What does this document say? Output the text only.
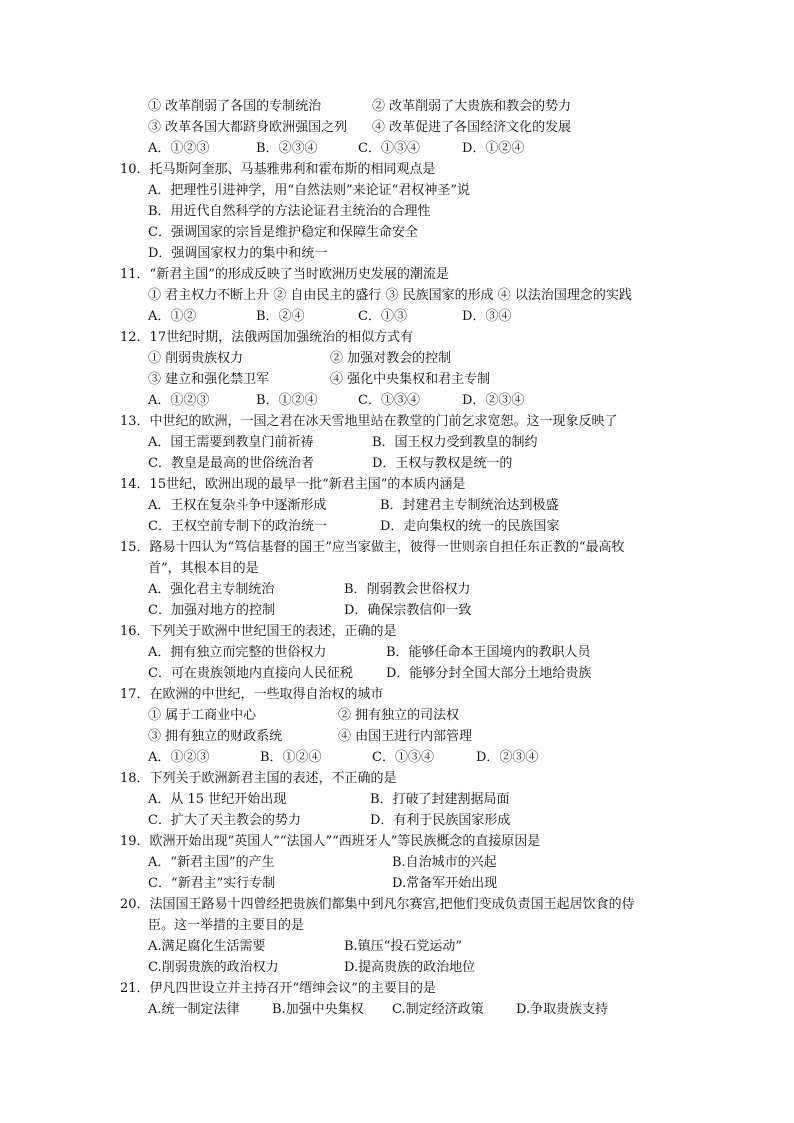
① 改革削弱了各国的专制统治	② 改革削弱了大贵族和教会的势力
③ 改革各国大都跻身欧洲强国之列 ④ 改革促进了各国经济文化的发展
A．①②③	B．②③④	C．①③④	D．①②④
10．托马斯阿奎那、马基雅弗利和霍布斯的相同观点是
A．把理性引进神学，用“自然法则”来论证“君权神圣”说
B．用近代自然科学的方法论证君主统治的合理性
C．强调国家的宗旨是维护稳定和保障生命安全
D．强调国家权力的集中和统一
11．“新君主国”的形成反映了当时欧洲历史发展的潮流是
① 君主权力不断上升 ② 自由民主的盛行 ③ 民族国家的形成 ④ 以法治国理念的实践
A．①②	B．②④	C．①③	D．③④
12．17世纪时期，法俄两国加强统治的相似方式有
① 削弱贵族权力	② 加强对教会的控制
③ 建立和强化禁卫军	④ 强化中央集权和君主专制
A．①②③	B．①②④	C．①③④	D．②③④
13．中世纪的欧洲，一国之君在冰天雪地里站在教堂的门前乞求宽恕。这一现象反映了
A．国王需要到教皇门前祈祷	B．国王权力受到教皇的制约
C．教皇是最高的世俗统治者	D．王权与教权是统一的
14．15世纪，欧洲出现的最早一批“新君主国”的本质内涵是
A．王权在复杂斗争中逐渐形成	B．封建君主专制统治达到极盛
C．王权空前专制下的政治统一	D．走向集权的统一的民族国家
15．路易十四认为“笃信基督的国王”应当家做主，彼得一世则亲自担任东正教的“最高牧
首”，其根本目的是
A．强化君主专制统治	B．削弱教会世俗权力
C．加强对地方的控制	D．确保宗教信仰一致
16．下列关于欧洲中世纪国王的表述，正确的是
A．拥有独立而完整的世俗权力	B．能够任命本王国境内的教职人员
C．可在贵族领地内直接向人民征税	D．能够分封全国大部分土地给贵族
17．在欧洲的中世纪，一些取得自治权的城市
① 属于工商业中心	② 拥有独立的司法权
③ 拥有独立的财政系统	④ 由国王进行内部管理
A．①②③	B．①②④	C．①③④	D．②③④
18．下列关于欧洲新君主国的表述，不正确的是
A．从 15 世纪开始出现	B．打破了封建割据局面
C．扩大了天主教会的势力	D．有利于民族国家形成
19．欧洲开始出现“英国人”“法国人”“西班牙人”等民族概念的直接原因是
A．“新君主国”的产生	B.自治城市的兴起
C．“新君主”实行专制	D.常备军开始出现
20．法国国王路易十四曾经把贵族们都集中到凡尔赛宫,把他们变成负责国王起居饮食的侍
臣。这一举措的主要目的是
A.满足腐化生活需要	B.镇压“投石党运动”
C.削弱贵族的政治权力	D.提高贵族的政治地位
21．伊凡四世设立并主持召开“缙绅会议”的主要目的是
A.统一制定法律 B.加强中央集权 C.制定经济政策 D.争取贵族支持
